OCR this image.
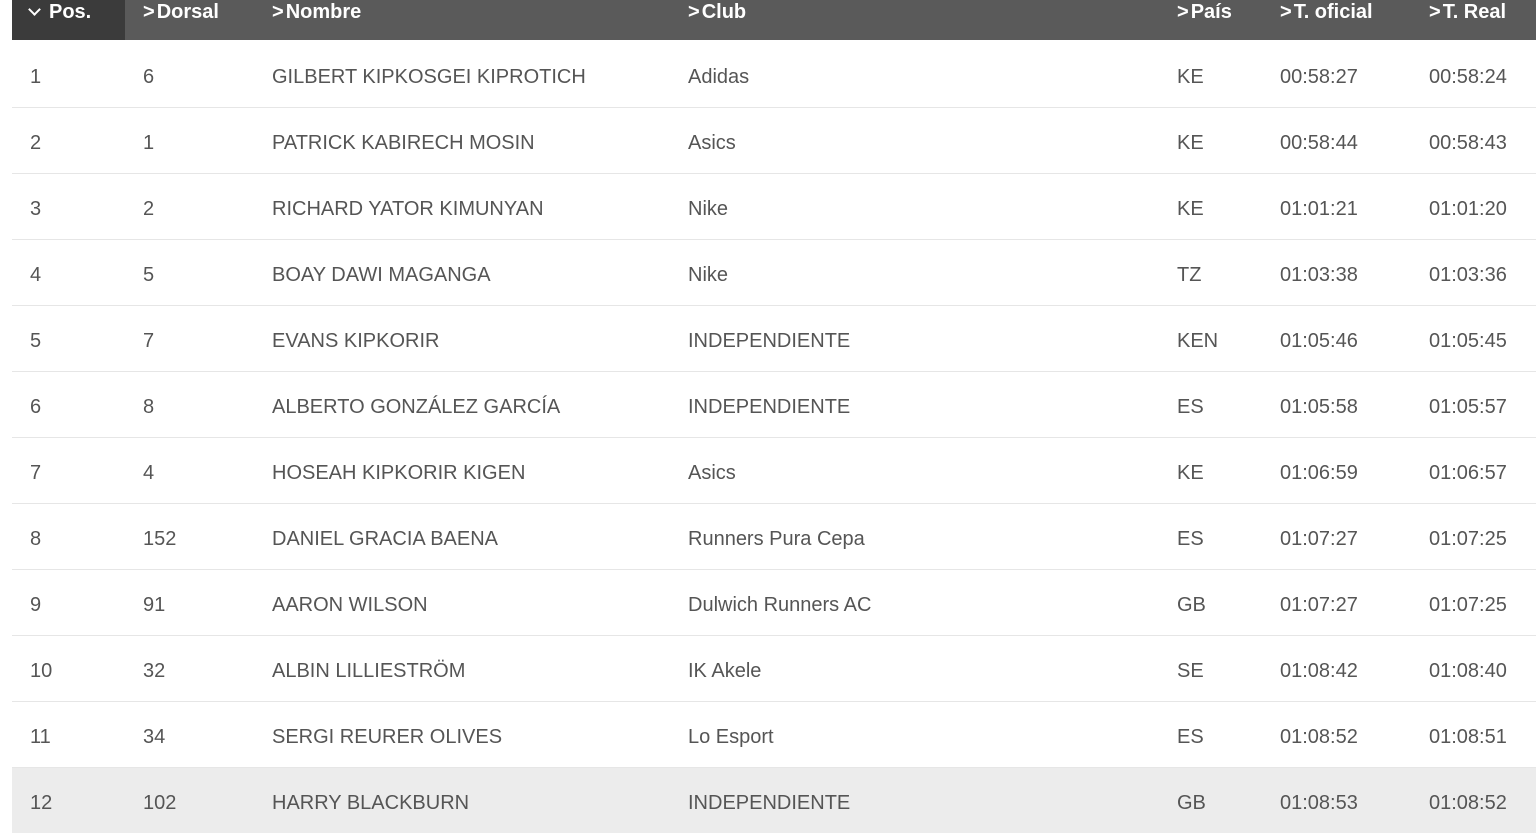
Pos.	> Dorsal	> Nombre	> Club	> País > T. oficial	> T. Real
1	6	GILBERT KIPKOSGEI KIPROTICH	Adidas	KE	00:58:27	00:58:24
2	1	PATRICK KABIRECH MOSIN	Asics	KE	00:58:44	00:58:43
3	2	RICHARD YATOR KIMUNYAN	Nike	KE	01:01:21	01:01:20
4	5	BOAY DAWI MAGANGA	Nike	TZ	01:03:38	01:03:36
5	7	EVANS KIPKORIR	INDEPENDIENTE	KEN	01:05:46	01:05:45
6	8	ALBERTO GONZÁLEZ GARCÍA	INDEPENDIENTE	ES	01:05:58	01:05:57
7	4	HOSEAH KIPKORIR KIGEN	Asics	KE	01:06:59	01:06:57
8	152	DANIEL GRACIA BAENA	Runners Pura Cepa	ES	01:07:27	01:07:25
9	91	AARON WILSON	Dulwich Runners AC	GB	01:07:27	01:07:25
10	32	ALBIN LILLIESTRÖM	IK Akele	SE	01:08:42	01:08:40
11	34	SERGI REURER OLIVES	Lo Esport	ES	01:08:52	01:08:51
12	102	HARRY BLACKBURN	INDEPENDIENTE	GB	01:08:53	01:08:52
